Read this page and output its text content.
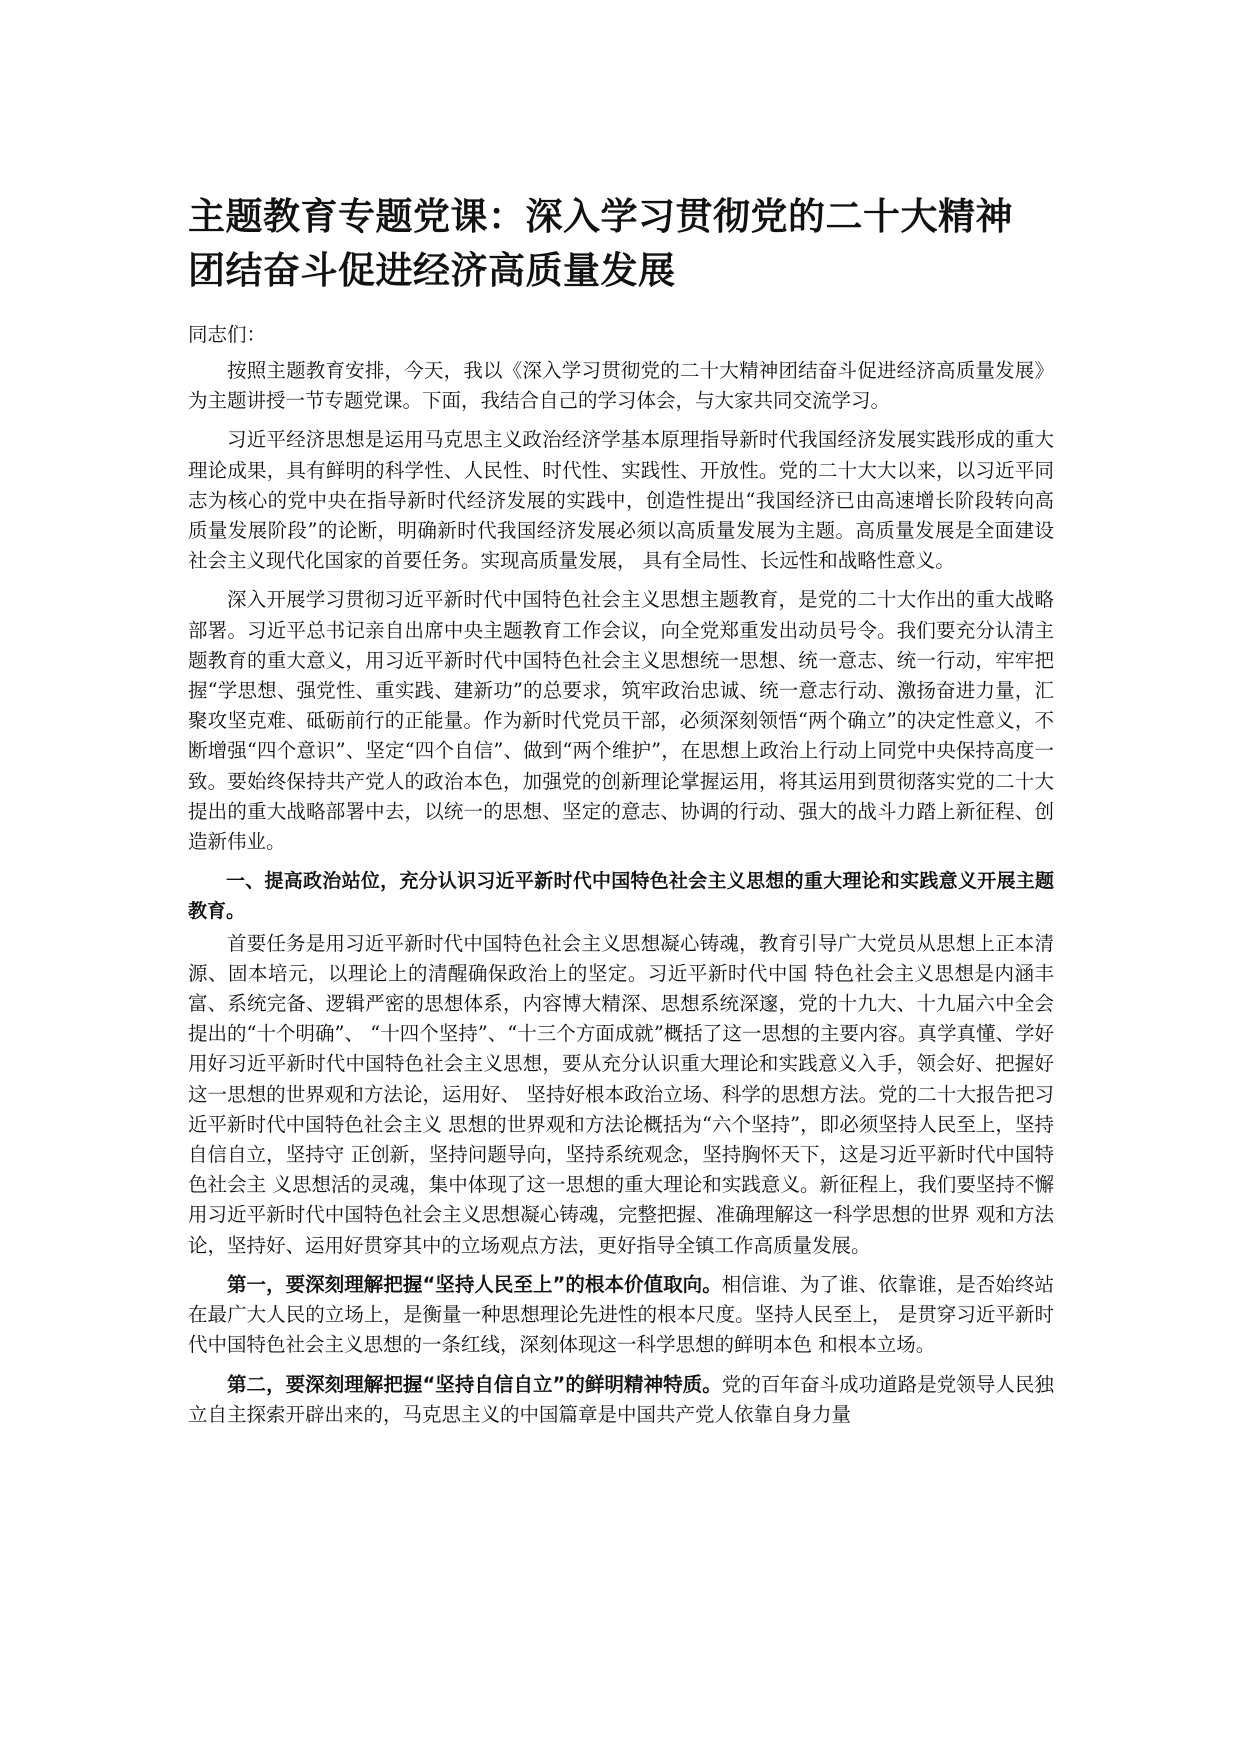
主题教育专题党课：深入学习贯彻党的二十大精神
团结奋斗促进经济高质量发展
同志们：

按照主题教育安排，今天，我以《深入学习贯彻党的二十大精神团结奋斗促进经济高质量发展》为主题讲授一节专题党课。下面，我结合自己的学习体会，与大家共同交流学习。

习近平经济思想是运用马克思主义政治经济学基本原理指导新时代我国经济发展实践形成的重大理论成果，具有鲜明的科学性、人民性、时代性、实践性、开放性。党的二十大大以来，以习近平同志为核心的党中央在指导新时代经济发展的实践中，创造性提出“我国经济已由高速增长阶段转向高质量发展阶段”的论断，明确新时代我国经济发展必须以高质量发展为主题。高质量发展是全面建设社会主义现代化国家的首要任务。实现高质量发展， 具有全局性、长远性和战略性意义。

深入开展学习贯彻习近平新时代中国特色社会主义思想主题教育，是党的二十大作出的重大战略部署。习近平总书记亲自出席中央主题教育工作会议，向全党郑重发出动员号令。我们要充分认清主题教育的重大意义，用习近平新时代中国特色社会主义思想统一思想、统一意志、统一行动，牢牢把握“学思想、强党性、重实践、建新功”的总要求，筑牢政治忠诚、统一意志行动、激扬奋进力量，汇聚攻坚克难、砥砺前行的正能量。作为新时代党员干部，必须深刻领悟“两个确立”的决定性意义，不断增强“四个意识”、坚定“四个自信”、做到“两个维护”，在思想上政治上行动上同党中央保持高度一致。要始终保持共产党人的政治本色，加强党的创新理论掌握运用，将其运用到贯彻落实党的二十大提出的重大战略部署中去，以统一的思想、坚定的意志、协调的行动、强大的战斗力踏上新征程、创造新伟业。

一、提高政治站位，充分认识习近平新时代中国特色社会主义思想的重大理论和实践意义开展主题教育。

首要任务是用习近平新时代中国特色社会主义思想凝心铸魂，教育引导广大党员从思想上正本清源、固本培元，以理论上的清醒确保政治上的坚定。习近平新时代中国 特色社会主义思想是内涵丰富、系统完备、逻辑严密的思想体系，内容博大精深、思想系统深邃，党的十九大、十九届六中全会提出的“十个明确”、 “十四个坚持”、“十三个方面成就”概括了这一思想的主要内容。真学真懂、学好用好习近平新时代中国特色社会主义思想，要从充分认识重大理论和实践意义入手，领会好、把握好这一思想的世界观和方法论，运用好、 坚持好根本政治立场、科学的思想方法。党的二十大报告把习近平新时代中国特色社会主义 思想的世界观和方法论概括为“六个坚持”，即必须坚持人民至上，坚持自信自立，坚持守 正创新，坚持问题导向，坚持系统观念，坚持胸怀天下，这是习近平新时代中国特色社会主 义思想活的灵魂，集中体现了这一思想的重大理论和实践意义。新征程上，我们要坚持不懈 用习近平新时代中国特色社会主义思想凝心铸魂，完整把握、准确理解这一科学思想的世界 观和方法论，坚持好、运用好贯穿其中的立场观点方法，更好指导全镇工作高质量发展。

第一，要深刻理解把握“坚持人民至上”的根本价值取向。相信谁、为了谁、依靠谁，是否始终站在最广大人民的立场上，是衡量一种思想理论先进性的根本尺度。坚持人民至上， 是贯穿习近平新时代中国特色社会主义思想的一条红线，深刻体现这一科学思想的鲜明本色 和根本立场。

第二，要深刻理解把握“坚持自信自立”的鲜明精神特质。党的百年奋斗成功道路是党领导人民独立自主探索开辟出来的，马克思主义的中国篇章是中国共产党人依靠自身力量
